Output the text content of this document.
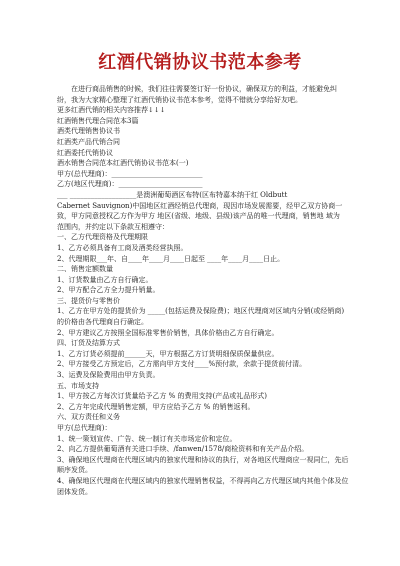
红酒代销协议书范本参考
在进行商品销售的时候，我们往往需要签订好一份协议，确保双方的利益，才能避免纠纷，我为大家精心整理了红酒代销协议书范本参考，觉得不错就分享给好友吧。
更多红酒代销的相关内容推荐↓↓↓
红酒销售代理合同范本3篇
酒类代理销售协议书
红酒类产品代销合同
红酒委托代销协议
酒水销售合同范本红酒代销协议书范本(一)
甲方(总代理商)：__________________________
乙方(地区代理商)：________________________
___ ___________________是澳洲葡萄酒区布特(区布特嘉本纳干红 Oldbutt
Cabernet Sauvignon)中国地区红酒经销总代理商，现因市场发展需要，经甲乙双方协商一致，甲方同意授权乙方作为甲方 地区(省级、地级、县级)该产品的唯一代理商，销售地 域为 范围内，并约定以下条款互相遵守：
一、乙方代理资格及代理期限
1、乙方必须具备有工商及酒类经营执照。
2、代理期限___年、自____年____月____日起至 ____年____月____日止。
二、销售定额数量
1、订货数量由乙方自行确定。
2、甲方配合乙方全力提升销量。
三、提货价与零售价
1、乙方在甲方处的提货价为 _____(包括运费及保险费)；地区代理商对区域内分销(或经销商)的价格由各代理商自行确定。
2、甲方建议乙方按照全国标准零售价销售，具体价格由乙方自行确定。
四、订货及结算方式
1、乙方订货必须提前______天，甲方根据乙方订货明细保质保量供应。
2、甲方接受乙方预定后，乙方需向甲方支付____%预付款，余款于提货前付清。
3、运费及保险费用由甲方负责。
五、市场支持
1、甲方按乙方每次订货量给予乙方 % 的费用支持(产品或礼品形式)
2、乙方年完成代理销售定额，甲方应给予乙方 % 的销售返利。
六、双方责任和义务
甲方(总代理商)：
1、统一策划宣传、广告、统一制订有关市场定价和定位。
2、向乙方提供葡萄酒有关进口手续、/fanwen/1578/商检资料和有关产品介绍。
3、确保地区代理商在代理区域内的独家代理和协议的执行，对各地区代理商应一视同仁，先后顺序发货。
4、确保地区代理商在代理区域内的独家代理销售权益，不得再向乙方代理区域内其他个体及位团体发货。
